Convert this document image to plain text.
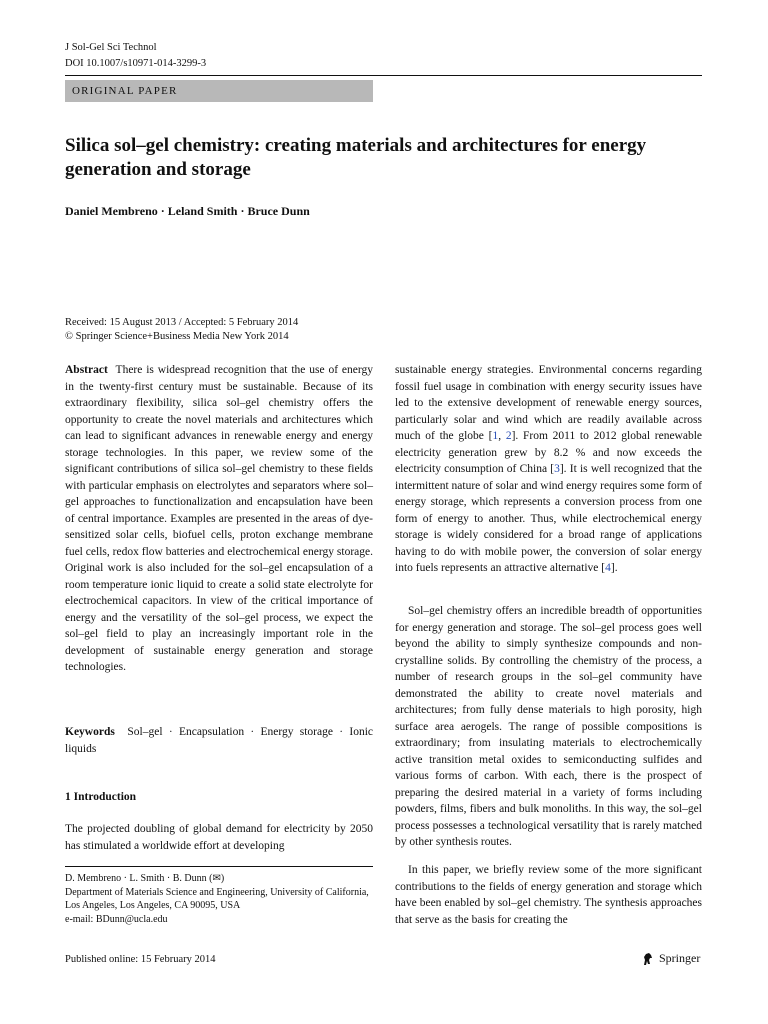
J Sol-Gel Sci Technol
DOI 10.1007/s10971-014-3299-3
ORIGINAL PAPER
Silica sol–gel chemistry: creating materials and architectures for energy generation and storage
Daniel Membreno · Leland Smith · Bruce Dunn
Received: 15 August 2013 / Accepted: 5 February 2014
© Springer Science+Business Media New York 2014
Abstract There is widespread recognition that the use of energy in the twenty-first century must be sustainable. Because of its extraordinary flexibility, silica sol–gel chemistry offers the opportunity to create the novel materials and architectures which can lead to significant advances in renewable energy and energy storage technologies. In this paper, we review some of the significant contributions of silica sol–gel chemistry to these fields with particular emphasis on electrolytes and separators where sol–gel approaches to functionalization and encapsulation have been of central importance. Examples are presented in the areas of dye-sensitized solar cells, biofuel cells, proton exchange membrane fuel cells, redox flow batteries and electrochemical energy storage. Original work is also included for the sol–gel encapsulation of a room temperature ionic liquid to create a solid state electrolyte for electrochemical capacitors. In view of the critical importance of energy and the versatility of the sol–gel process, we expect the sol–gel field to play an increasingly important role in the development of sustainable energy generation and storage technologies.
Keywords Sol–gel · Encapsulation · Energy storage · Ionic liquids
1 Introduction
The projected doubling of global demand for electricity by 2050 has stimulated a worldwide effort at developing
D. Membreno · L. Smith · B. Dunn (✉)
Department of Materials Science and Engineering, University of California, Los Angeles, Los Angeles, CA 90095, USA
e-mail: BDunn@ucla.edu
sustainable energy strategies. Environmental concerns regarding fossil fuel usage in combination with energy security issues have led to the extensive development of renewable energy sources, particularly solar and wind which are readily available across much of the globe [1, 2]. From 2011 to 2012 global renewable electricity generation grew by 8.2 % and now exceeds the electricity consumption of China [3]. It is well recognized that the intermittent nature of solar and wind energy requires some form of energy storage, which represents a conversion process from one form of energy to another. Thus, while electrochemical energy storage is widely considered for a broad range of applications having to do with mobile power, the conversion of solar energy into fuels represents an attractive alternative [4].
Sol–gel chemistry offers an incredible breadth of opportunities for energy generation and storage. The sol–gel process goes well beyond the ability to simply synthesize compounds and non-crystalline solids. By controlling the chemistry of the process, a number of research groups in the sol–gel community have demonstrated the ability to create novel materials and architectures; from fully dense materials to high porosity, high surface area aerogels. The range of possible compositions is extraordinary; from insulating materials to electrochemically active transition metal oxides to semiconducting sulfides and various forms of carbon. With each, there is the prospect of preparing the desired material in a variety of forms including powders, films, fibers and bulk monoliths. In this way, the sol–gel process possesses a technological versatility that is rarely matched by other synthesis routes.
In this paper, we briefly review some of the more significant contributions to the fields of energy generation and storage which have been enabled by sol–gel chemistry. The synthesis approaches that serve as the basis for creating the
Published online: 15 February 2014	Springer
